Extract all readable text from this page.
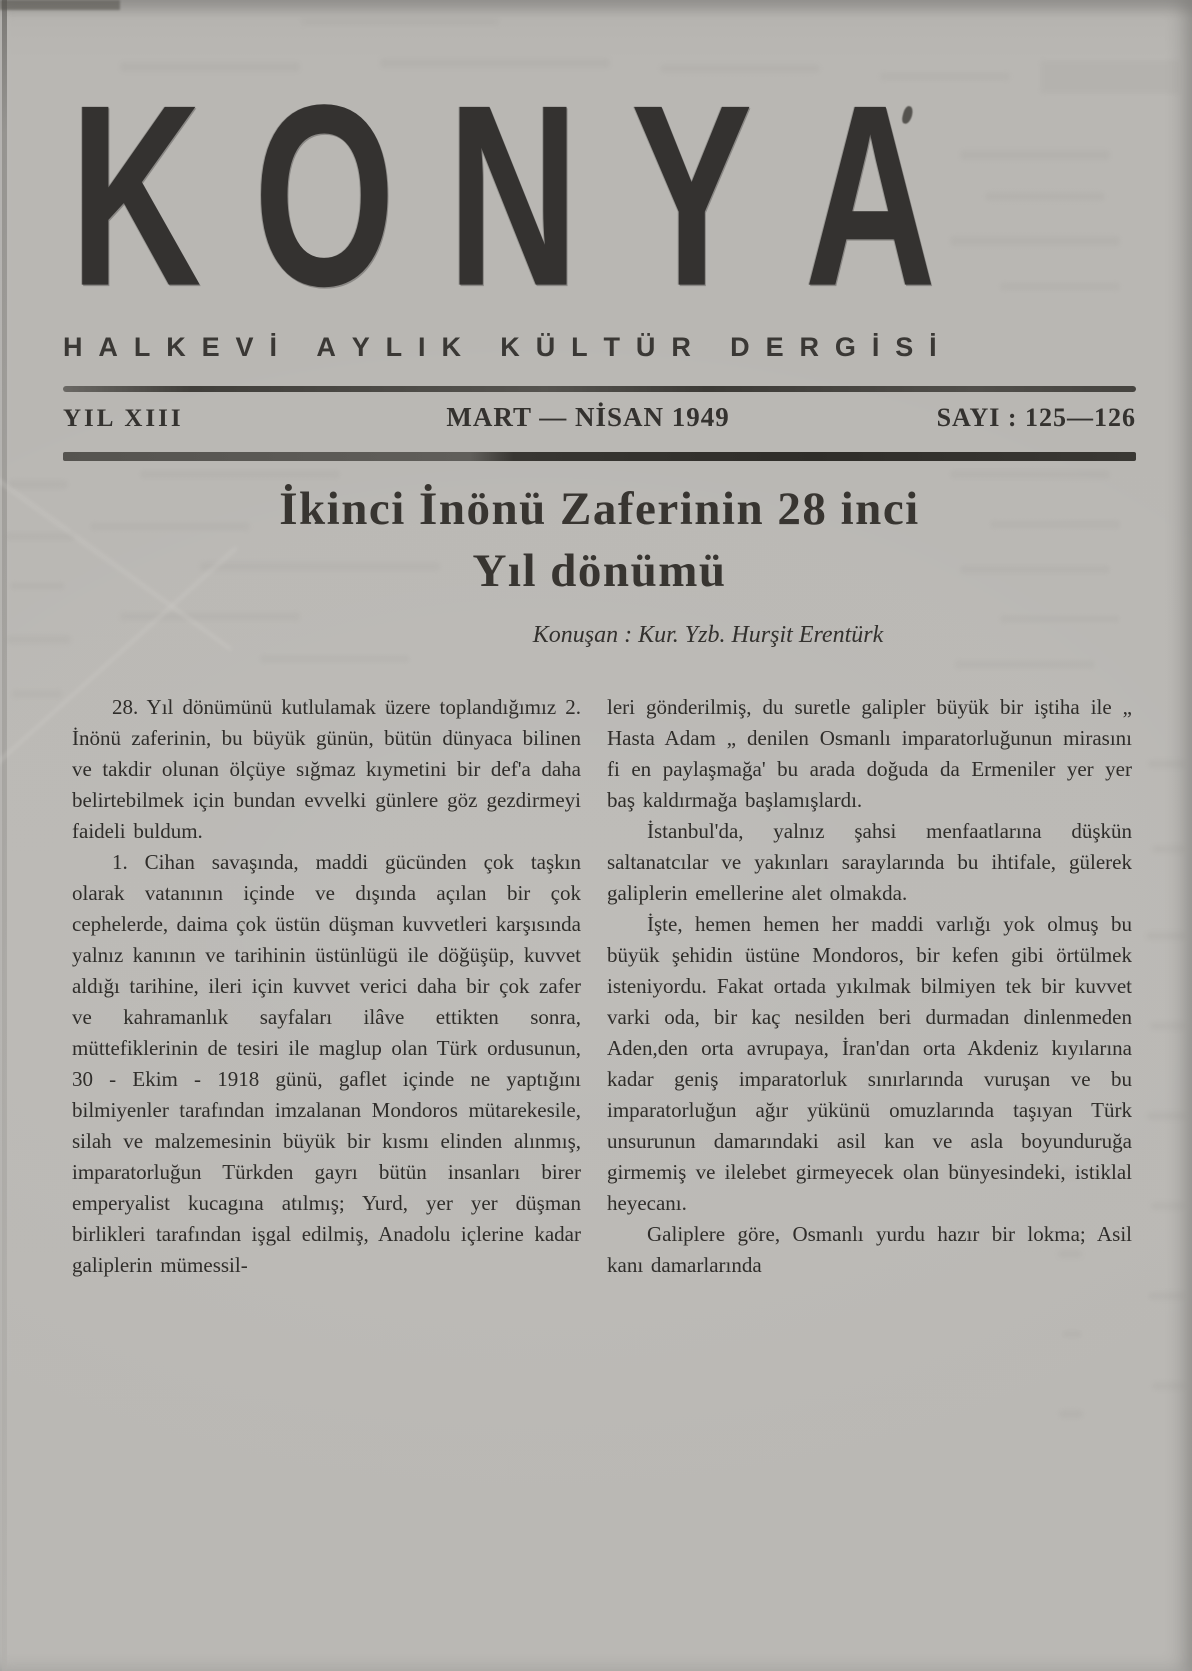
K O N Y A
H A L K E V İ
A Y L I K
K Ü L T Ü R
D E R G İ S İ
YIL XIII	MART — NİSAN 1949	SAYI : 125—126
İkinci İnönü Zaferinin 28 inci
Yıl dönümü
Konuşan : Kur. Yzb. Hurşit Erentürk

28. Yıl dönümünü kutlulamak üzere toplandığımız 2. İnönü zaferinin, bu büyük günün, bütün dünyaca bilinen ve takdir olunan ölçüye sığmaz kıymetini bir def'a daha belirtebilmek için bundan evvelki günlere göz gezdirmeyi faideli buldum.

1. Cihan savaşında, maddi gücünden çok taşkın olarak vatanının içinde ve dışında açılan bir çok cephelerde, daima çok üstün düşman kuvvetleri karşısında yalnız kanının ve tarihinin üstünlügü ile döğüşüp, kuvvet aldığı tarihine, ileri için kuvvet verici daha bir çok zafer ve kahramanlık sayfaları ilâve ettikten sonra, müttefiklerinin de tesiri ile maglup olan Türk ordusunun, 30 - Ekim - 1918 günü, gaflet içinde ne yaptığını bilmiyenler tarafından imzalanan Mondoros mütarekesile, silah ve malzemesinin büyük bir kısmı elinden alınmış, imparatorluğun Türkden gayrı bütün insanları birer emperyalist kucagına atılmış; Yurd, yer yer düşman birlikleri tarafından işgal edilmiş, Anadolu içlerine kadar galiplerin mümessil-

leri gönderilmiş, du suretle galipler büyük bir iştiha ile „ Hasta Adam „ denilen Osmanlı imparatorluğunun mirasını fi en paylaşmağa' bu arada doğuda da Ermeniler yer yer baş kaldırmağa başlamışlardı.

İstanbul'da, yalnız şahsi menfaatlarına düşkün saltanatcılar ve yakınları saraylarında bu ihtifale, gülerek galiplerin emellerine alet olmakda.

İşte, hemen hemen her maddi varlığı yok olmuş bu büyük şehidin üstüne Mondoros, bir kefen gibi örtülmek isteniyordu. Fakat ortada yıkılmak bilmiyen tek bir kuvvet varki oda, bir kaç nesilden beri durmadan dinlenmeden Aden,den orta avrupaya, İran'dan orta Akdeniz kıyılarına kadar geniş imparatorluk sınırlarında vuruşan ve bu imparatorluğun ağır yükünü omuzlarında taşıyan Türk unsurunun damarındaki asil kan ve asla boyunduruğa girmemiş ve ilelebet girmeyecek olan bünyesindeki, istiklal heyecanı.

Galiplere göre, Osmanlı yurdu hazır bir lokma; Asil kanı damarlarında
